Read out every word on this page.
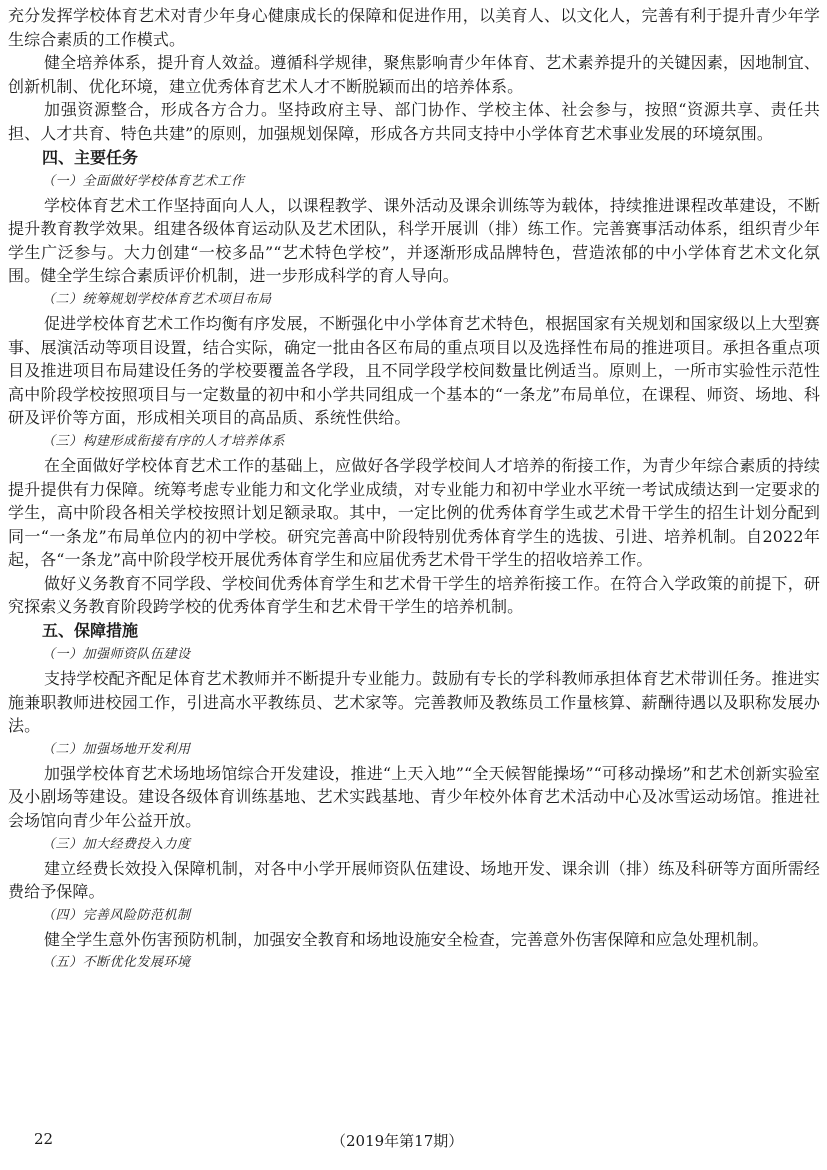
充分发挥学校体育艺术对青少年身心健康成长的保障和促进作用，以美育人、以文化人，完善有利于提升青少年学生综合素质的工作模式。

健全培养体系，提升育人效益。遵循科学规律，聚焦影响青少年体育、艺术素养提升的关键因素，因地制宜、创新机制、优化环境，建立优秀体育艺术人才不断脱颖而出的培养体系。

加强资源整合，形成各方合力。坚持政府主导、部门协作、学校主体、社会参与，按照“资源共享、责任共担、人才共育、特色共建”的原则，加强规划保障，形成各方共同支持中小学体育艺术事业发展的环境氛围。

四、主要任务

（一）全面做好学校体育艺术工作

学校体育艺术工作坚持面向人人，以课程教学、课外活动及课余训练等为载体，持续推进课程改革建设，不断提升教育教学效果。组建各级体育运动队及艺术团队，科学开展训（排）练工作。完善赛事活动体系，组织青少年学生广泛参与。大力创建“一校多品”“艺术特色学校”，并逐渐形成品牌特色，营造浓郁的中小学体育艺术文化氛围。健全学生综合素质评价机制，进一步形成科学的育人导向。

（二）统筹规划学校体育艺术项目布局

促进学校体育艺术工作均衡有序发展，不断强化中小学体育艺术特色，根据国家有关规划和国家级以上大型赛事、展演活动等项目设置，结合实际，确定一批由各区布局的重点项目以及选择性布局的推进项目。承担各重点项目及推进项目布局建设任务的学校要覆盖各学段，且不同学段学校间数量比例适当。原则上，一所市实验性示范性高中阶段学校按照项目与一定数量的初中和小学共同组成一个基本的“一条龙”布局单位，在课程、师资、场地、科研及评价等方面，形成相关项目的高品质、系统性供给。

（三）构建形成衔接有序的人才培养体系

在全面做好学校体育艺术工作的基础上，应做好各学段学校间人才培养的衔接工作，为青少年综合素质的持续提升提供有力保障。统筹考虑专业能力和文化学业成绩，对专业能力和初中学业水平统一考试成绩达到一定要求的学生，高中阶段各相关学校按照计划足额录取。其中，一定比例的优秀体育学生或艺术骨干学生的招生计划分配到同一“一条龙”布局单位内的初中学校。研究完善高中阶段特别优秀体育学生的选拔、引进、培养机制。自2022年起，各“一条龙”高中阶段学校开展优秀体育学生和应届优秀艺术骨干学生的招收培养工作。

做好义务教育不同学段、学校间优秀体育学生和艺术骨干学生的培养衔接工作。在符合入学政策的前提下，研究探索义务教育阶段跨学校的优秀体育学生和艺术骨干学生的培养机制。

五、保障措施

（一）加强师资队伍建设

支持学校配齐配足体育艺术教师并不断提升专业能力。鼓励有专长的学科教师承担体育艺术带训任务。推进实施兼职教师进校园工作，引进高水平教练员、艺术家等。完善教师及教练员工作量核算、薪酬待遇以及职称发展办法。

（二）加强场地开发利用

加强学校体育艺术场地场馆综合开发建设，推进“上天入地”“全天候智能操场”“可移动操场”和艺术创新实验室及小剧场等建设。建设各级体育训练基地、艺术实践基地、青少年校外体育艺术活动中心及冰雪运动场馆。推进社会场馆向青少年公益开放。

（三）加大经费投入力度

建立经费长效投入保障机制，对各中小学开展师资队伍建设、场地开发、课余训（排）练及科研等方面所需经费给予保障。

（四）完善风险防范机制

健全学生意外伤害预防机制，加强安全教育和场地设施安全检查，完善意外伤害保障和应急处理机制。

（五）不断优化发展环境

22	（2019年第17期）
